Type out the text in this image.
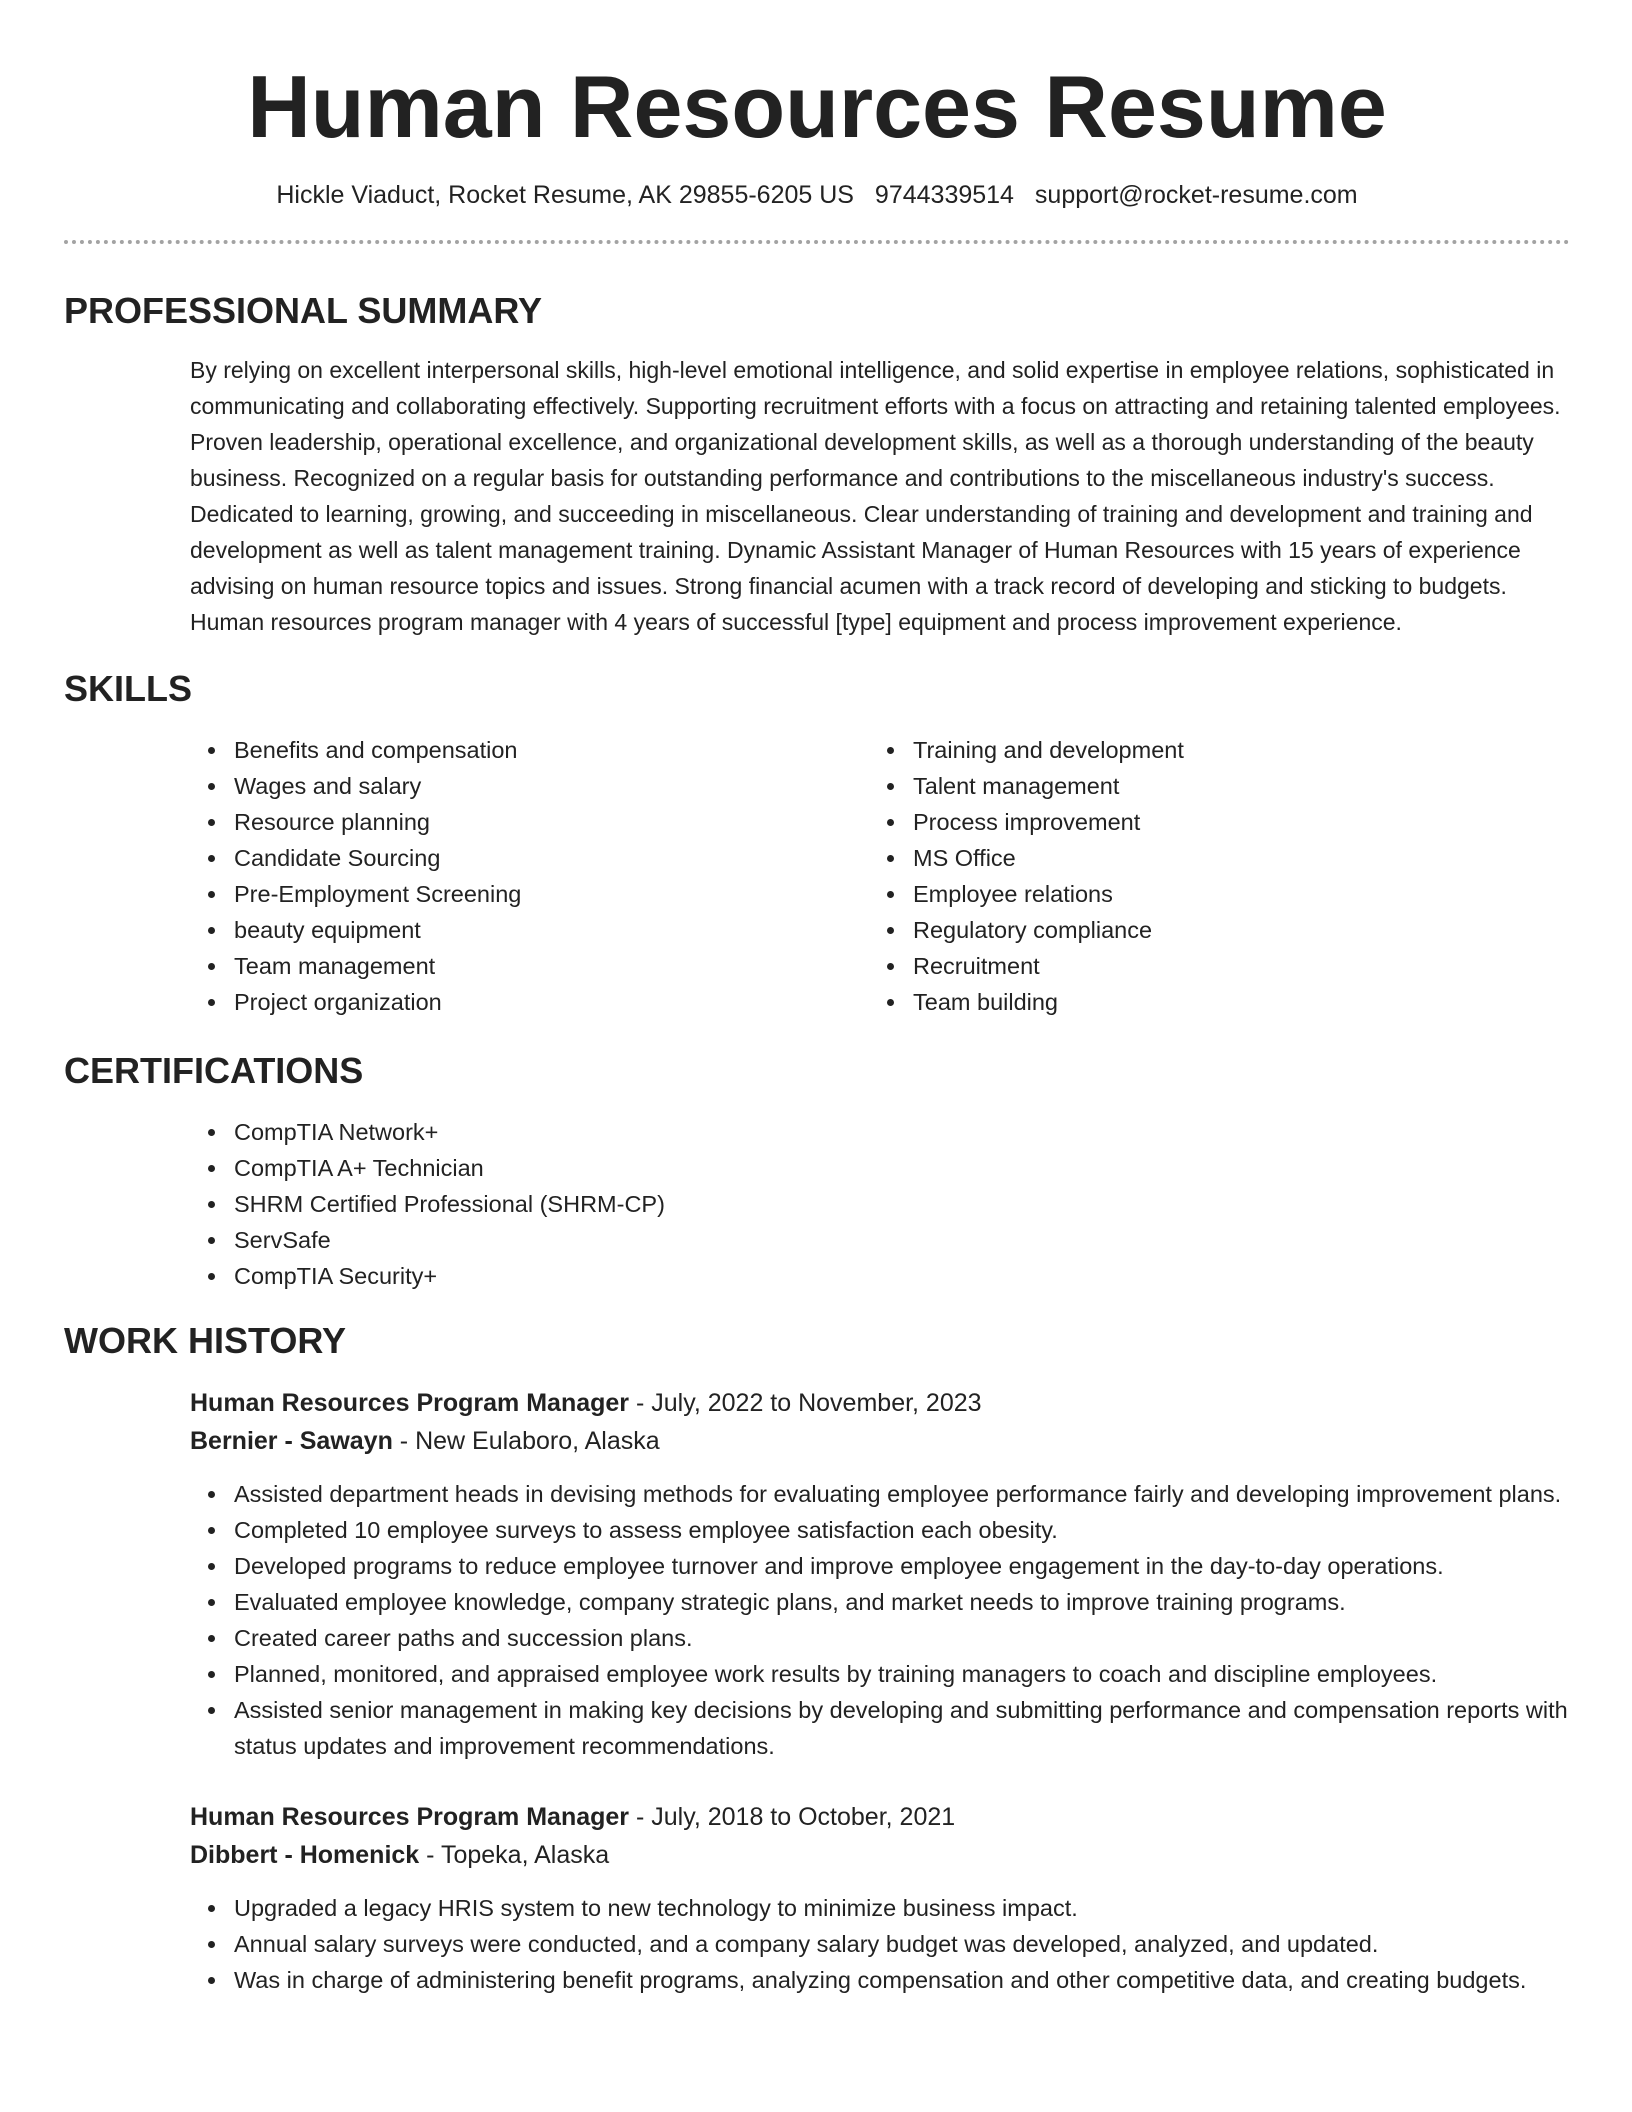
Human Resources Resume
Hickle Viaduct, Rocket Resume, AK 29855-6205 US 9744339514 support@rocket-resume.com
PROFESSIONAL SUMMARY

By relying on excellent interpersonal skills, high-level emotional intelligence, and solid expertise in employee relations, sophisticated in communicating and collaborating effectively. Supporting recruitment efforts with a focus on attracting and retaining talented employees. Proven leadership, operational excellence, and organizational development skills, as well as a thorough understanding of the beauty business. Recognized on a regular basis for outstanding performance and contributions to the miscellaneous industry's success. Dedicated to learning, growing, and succeeding in miscellaneous. Clear understanding of training and development and training and development as well as talent management training. Dynamic Assistant Manager of Human Resources with 15 years of experience advising on human resource topics and issues. Strong financial acumen with a track record of developing and sticking to budgets. Human resources program manager with 4 years of successful [type] equipment and process improvement experience.

SKILLS
Benefits and compensation
Wages and salary
Resource planning
Candidate Sourcing
Pre-Employment Screening
beauty equipment
Team management
Project organization
Training and development
Talent management
Process improvement
MS Office
Employee relations
Regulatory compliance
Recruitment
Team building
CERTIFICATIONS
CompTIA Network+
CompTIA A+ Technician
SHRM Certified Professional (SHRM-CP)
ServSafe
CompTIA Security+
WORK HISTORY
Human Resources Program Manager - July, 2022 to November, 2023
Bernier - Sawayn - New Eulaboro, Alaska
Assisted department heads in devising methods for evaluating employee performance fairly and developing improvement plans.
Completed 10 employee surveys to assess employee satisfaction each obesity.
Developed programs to reduce employee turnover and improve employee engagement in the day-to-day operations.
Evaluated employee knowledge, company strategic plans, and market needs to improve training programs.
Created career paths and succession plans.
Planned, monitored, and appraised employee work results by training managers to coach and discipline employees.
Assisted senior management in making key decisions by developing and submitting performance and compensation reports with status updates and improvement recommendations.
Human Resources Program Manager - July, 2018 to October, 2021
Dibbert - Homenick - Topeka, Alaska
Upgraded a legacy HRIS system to new technology to minimize business impact.
Annual salary surveys were conducted, and a company salary budget was developed, analyzed, and updated.
Was in charge of administering benefit programs, analyzing compensation and other competitive data, and creating budgets.
